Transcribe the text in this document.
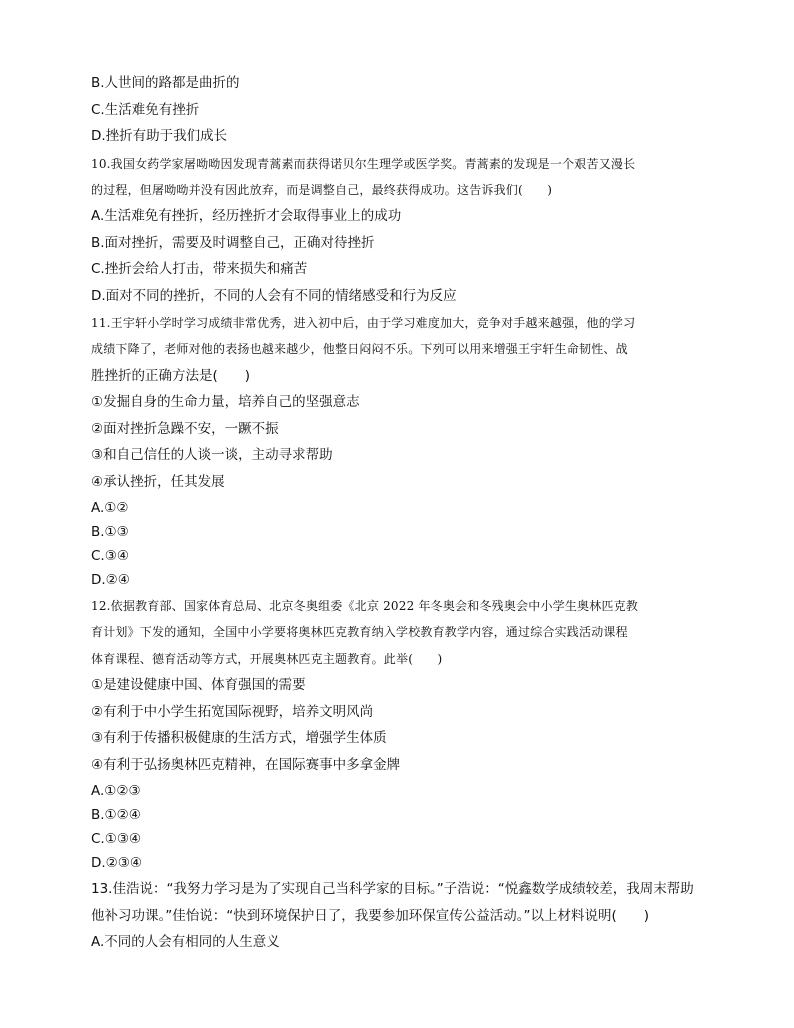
B.人世间的路都是曲折的
C.生活难免有挫折
D.挫折有助于我们成长
10.我国女药学家屠呦呦因发现青蒿素而获得诺贝尔生理学或医学奖。青蒿素的发现是一个艰苦又漫长
的过程，但屠呦呦并没有因此放弃，而是调整自己，最终获得成功。这告诉我们(　　)
A.生活难免有挫折，经历挫折才会取得事业上的成功
B.面对挫折，需要及时调整自己，正确对待挫折
C.挫折会给人打击，带来损失和痛苦
D.面对不同的挫折，不同的人会有不同的情绪感受和行为反应
11.王宇轩小学时学习成绩非常优秀，进入初中后，由于学习难度加大，竞争对手越来越强，他的学习
成绩下降了，老师对他的表扬也越来越少，他整日闷闷不乐。下列可以用来增强王宇轩生命韧性、战
胜挫折的正确方法是(　　)
①发掘自身的生命力量，培养自己的坚强意志
②面对挫折急躁不安，一蹶不振
③和自己信任的人谈一谈，主动寻求帮助
④承认挫折，任其发展
A.①②
B.①③
C.③④
D.②④
12.依据教育部、国家体育总局、北京冬奥组委《北京 2022 年冬奥会和冬残奥会中小学生奥林匹克教
育计划》下发的通知，全国中小学要将奥林匹克教育纳入学校教育教学内容，通过综合实践活动课程
体育课程、德育活动等方式，开展奥林匹克主题教育。此举(　　)
①是建设健康中国、体育强国的需要
②有利于中小学生拓宽国际视野，培养文明风尚
③有利于传播积极健康的生活方式，增强学生体质
④有利于弘扬奥林匹克精神，在国际赛事中多拿金牌
A.①②③
B.①②④
C.①③④
D.②③④
13.佳浩说：“我努力学习是为了实现自己当科学家的目标。”子浩说：“悦鑫数学成绩较差，我周末帮助
他补习功课。”佳怡说：“快到环境保护日了，我要参加环保宣传公益活动。”以上材料说明(　　)
A.不同的人会有相同的人生意义
